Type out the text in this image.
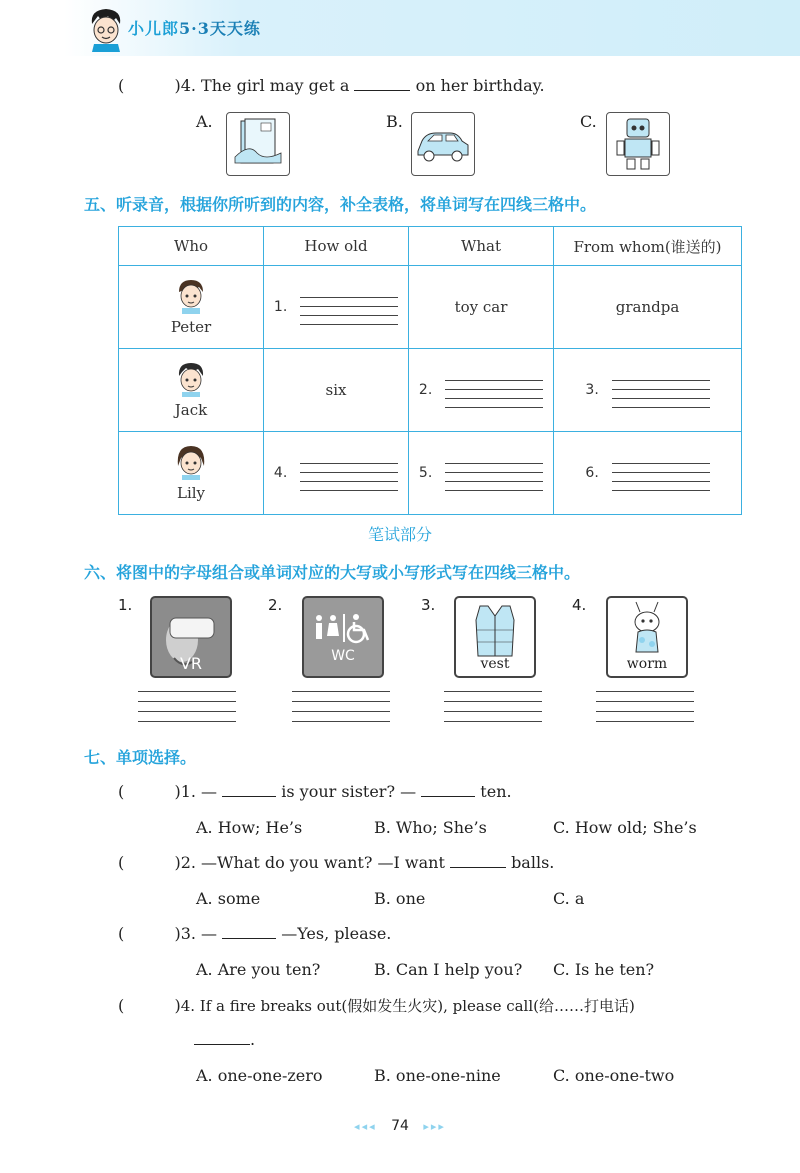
小儿郎5·3天天练
(	)4. The girl may get a	on her birthday.
A.	B.	C.
五、听录音，根据你所听到的内容，补全表格，将单词写在四线三格中。
Who	How old	What	From whom(谁送的)

Peter	1.	toy car	grandpa

Jack	six	2.	3.

Lily	4.	5.	6.
笔试部分
六、将图中的字母组合或单词对应的大写或小写形式写在四线三格中。
1.
VR
2.
WC
3.
vest
4.
worm
七、单项选择。
(	)1. —	is your sister? —	ten.
A. How; He’s	B. Who; She’s	C. How old; She’s
(	)2. —What do you want? —I want	balls.
A. some	B. one	C. a
(	)3. —	—Yes, please.
A. Are you ten?	B. Can I help you? C. Is he ten?
(	)4. If a fire breaks out(假如发生火灾), please call(给……打电话)
.
A. one-one-zero	B. one-one-nine	C. one-one-two
◂◂◂ 74 ▸▸▸
